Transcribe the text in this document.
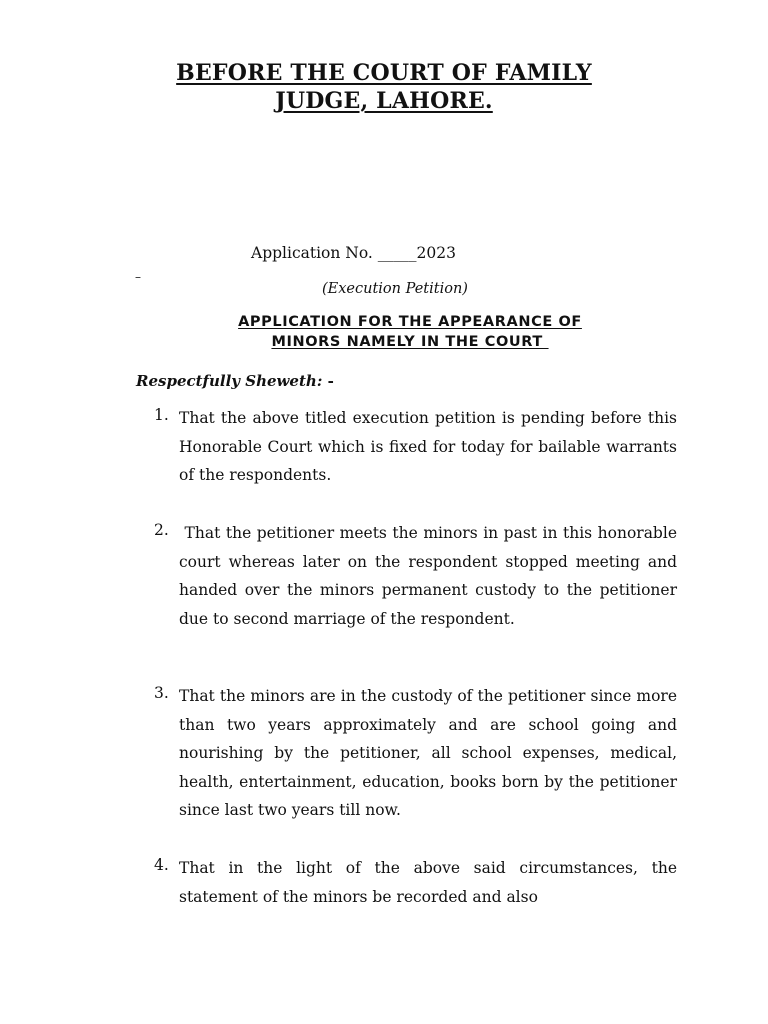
BEFORE THE COURT OF FAMILY
JUDGE, LAHORE.
Application No. _____2023
–
(Execution Petition)
APPLICATION FOR THE APPEARANCE OF
MINORS NAMELY IN THE COURT
Respectfully Sheweth: -
1. That the above titled execution petition is pending before this Honorable Court which is fixed for today for bailable warrants of the respondents.
2. That the petitioner meets the minors in past in this honorable court whereas later on the respondent stopped meeting and handed over the minors permanent custody to the petitioner due to second marriage of the respondent.
3. That the minors are in the custody of the petitioner since more than two years approximately and are school going and nourishing by the petitioner, all school expenses, medical, health, entertainment, education, books born by the petitioner since last two years till now.
4. That in the light of the above said circumstances, the statement of the minors be recorded and also
